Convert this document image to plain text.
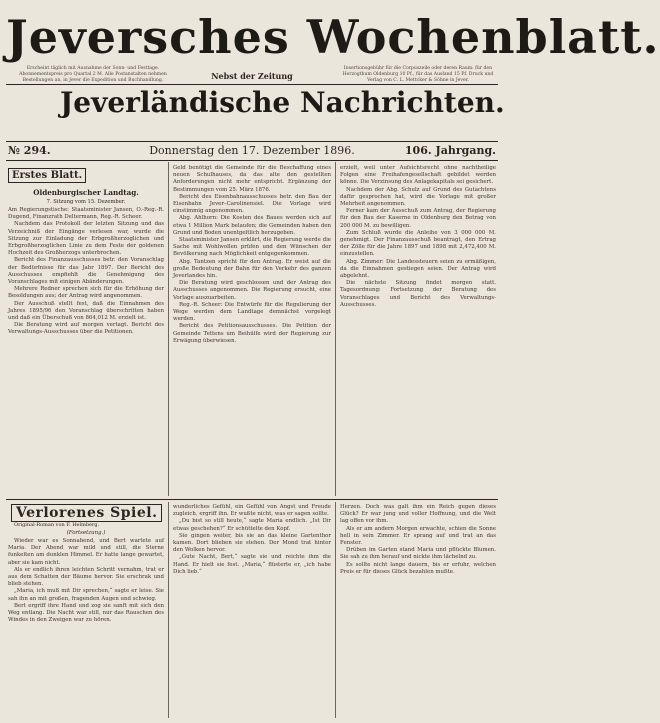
Jeversches Wochenblatt.
Erscheint täglich mit Ausnahme der Sonn- und Festtage. Abonnementspreis pro Quartal 2 M. Alle Postanstalten nehmen Bestellungen an, in Jever die Expedition und Buchhandlung.	Nebst der Zeitung
Insertionsgebühr für die Corpuszeile oder deren Raum: für den Herzogthum Oldenburg 10 Pf., für das Ausland 15 Pf. Druck und Verlag von C. L. Mettcker & Söhne in Jever.
Jeverländische Nachrichten.
№ 294.	Donnerstag den 17. Dezember 1896.	106. Jahrgang.
Erstes Blatt.
Oldenburgischer Landtag.
7. Sitzung vom 15. Dezember.

Am Regierungstische: Staatsminister Jansen, O.-Reg.-R. Dugend, Finanzrath Deltermann, Reg.-R. Scheer.

Nachdem das Protokoll der letzten Sitzung und das Verzeichniß der Eingänge verlesen war, wurde die Sitzung zur Einladung der Erbgroßherzoglichen und Erbgroßherzoglichen Linie zu dem Feste der goldenen Hochzeit des Großherzogs unterbrochen.

Bericht des Finanzausschusses betr. den Voranschlag der Bedürfnisse für das Jahr 1897. Der Bericht des Ausschusses empfiehlt die Genehmigung des Voranschlages mit einigen Abänderungen.

Mehrere Redner sprechen sich für die Erhöhung der Besoldungen aus; der Antrag wird angenommen.

Der Ausschuß stellt fest, daß die Einnahmen des Jahres 1895/96 den Voranschlag überschritten haben und daß ein Überschuß von 864,012 M. erzielt ist.

Die Beratung wird auf morgen vertagt. Bericht des Verwaltungs-Ausschusses über die Petitionen.

Geld benötigt die Gemeinde für die Beschaffung eines neuen Schulhauses, da das alte den gestellten Anforderungen nicht mehr entspricht. Ergänzung der Bestimmungen vom 25. März 1876.

Bericht des Eisenbahnausschusses betr. den Bau der Eisenbahn Jever–Carolinensiel. Die Vorlage wird einstimmig angenommen.

Abg. Ahlhorn: Die Kosten des Baues werden sich auf etwa 1 Million Mark belaufen; die Gemeinden haben den Grund und Boden unentgeltlich herzugeben.

Staatsminister Jansen erklärt, die Regierung werde die Sache mit Wohlwollen prüfen und den Wünschen der Bevölkerung nach Möglichkeit entgegenkommen.

Abg. Tantzen spricht für den Antrag. Er weist auf die große Bedeutung der Bahn für den Verkehr des ganzen Jeverlandes hin.

Die Beratung wird geschlossen und der Antrag des Ausschusses angenommen. Die Regierung ersucht, eine Vorlage auszuarbeiten.

Reg.-R. Scheer: Die Entwürfe für die Regulierung der Wege werden dem Landtage demnächst vorgelegt werden.

Bericht des Petitionsausschusses. Die Petition der Gemeinde Tettens um Beihülfe wird der Regierung zur Erwägung überwiesen.

erzielt, weil unter Aufsichtsrecht ohne nachtheilige Folgen eine Freihafengesellschaft gebildet werden könne. Die Verzinsung des Anlagekapitals sei gesichert.

Nachdem der Abg. Schulz auf Grund des Gutachtens dafür gesprochen hat, wird die Vorlage mit großer Mehrheit angenommen.

Ferner kam der Ausschuß zum Antrag, der Regierung für den Bau der Kaserne in Oldenburg den Betrag von 200 000 M. zu bewilligen.

Zum Schluß wurde die Anleihe von 3 000 000 M. genehmigt. Der Finanzausschuß beantragt, den Ertrag der Zölle für die Jahre 1897 und 1898 mit 2,472,400 M. einzustellen.

Abg. Zimmer: Die Landessteuern seien zu ermäßigen, da die Einnahmen gestiegen seien. Der Antrag wird abgelehnt.

Die nächste Sitzung findet morgen statt. Tagesordnung: Fortsetzung der Beratung des Voranschlages und Bericht des Verwaltungs-Ausschusses.

Verlorenes Spiel.
Original-Roman von F. Helmberg.
(Fortsetzung.)

Wieder war es Sonnabend, und Bert wartete auf Maria. Der Abend war mild und still, die Sterne funkelten am dunklen Himmel. Er hatte lange gewartet, aber sie kam nicht.

Als er endlich ihren leichten Schritt vernahm, trat er aus dem Schatten der Bäume hervor. Sie erschrak und blieb stehen.

„Maria, ich muß mit Dir sprechen,“ sagte er leise. Sie sah ihn an mit großen, fragenden Augen und schwieg.

Bert ergriff ihre Hand und zog sie sanft mit sich den Weg entlang. Die Nacht war still, nur das Rauschen des Windes in den Zweigen war zu hören.

wunderliches Gefühl, ein Gefühl von Angst und Freude zugleich, ergriff ihn. Er wußte nicht, was er sagen sollte.

„Du bist so still heute,“ sagte Maria endlich. „Ist Dir etwas geschehen?“ Er schüttelte den Kopf.

Sie gingen weiter, bis sie an das kleine Gartenthor kamen. Dort blieben sie stehen. Der Mond trat hinter den Wolken hervor.

„Gute Nacht, Bert,“ sagte sie und reichte ihm die Hand. Er hielt sie fest. „Maria,“ flüsterte er, „ich habe Dich lieb.“

Herzen. Doch was galt ihm ein Reich gegen dieses Glück? Er war jung und voller Hoffnung, und die Welt lag offen vor ihm.

Als er am andern Morgen erwachte, schien die Sonne hell in sein Zimmer. Er sprang auf und trat an das Fenster.

Drüben im Garten stand Maria und pflückte Blumen. Sie sah zu ihm herauf und nickte ihm lächelnd zu.

Es sollte nicht lange dauern, bis er erfuhr, welchen Preis er für dieses Glück bezahlen mußte.
